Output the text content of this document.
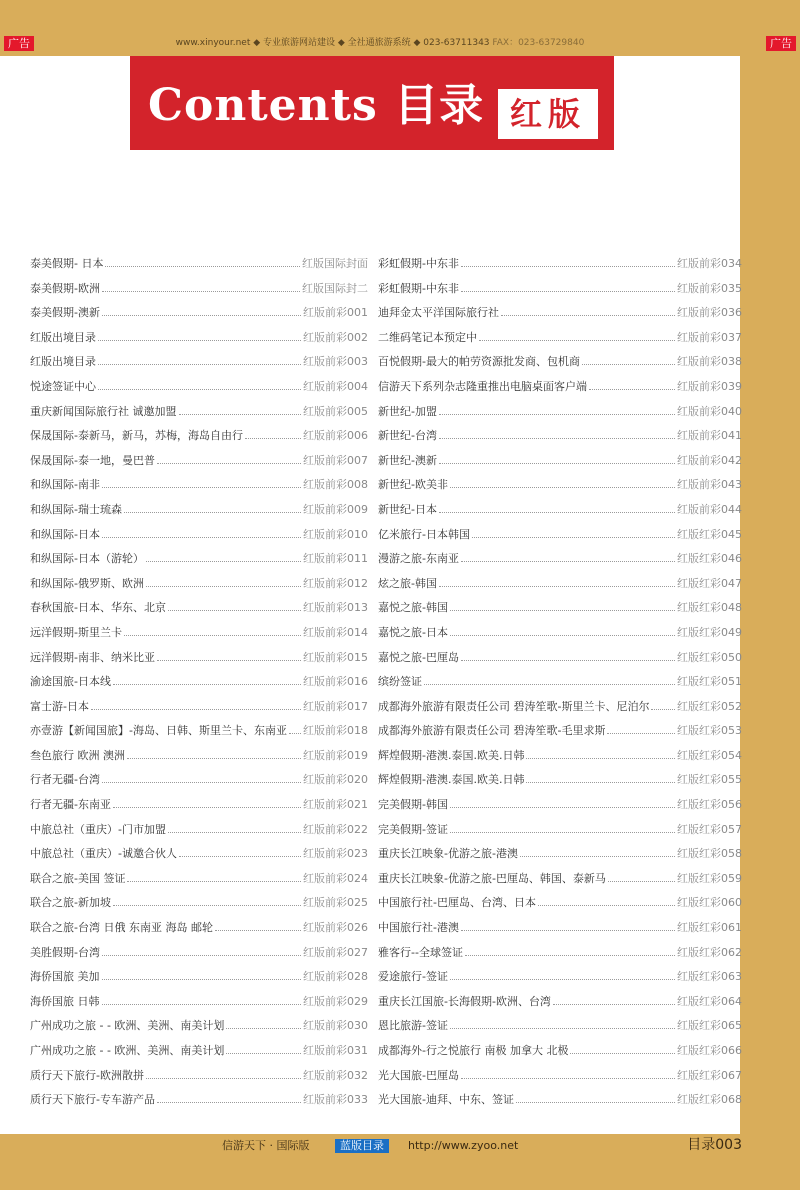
广告	广告
www.xinyour.net ◆ 专业旅游网站建设 ◆ 全社通旅游系统 ◆ 023-63711343 FAX：023-63729840
Contents 目录 红版
泰美假期- 日本	红版国际封面
泰美假期-欧洲	红版国际封二
泰美假期-澳新	红版前彩001
红版出境目录	红版前彩002
红版出境目录	红版前彩003
悦途签证中心	红版前彩004
重庆新闻国际旅行社 诚邀加盟	红版前彩005
保晟国际-泰新马，新马，苏梅，海岛自由行	红版前彩006
保晟国际-泰一地，曼巴普	红版前彩007
和纵国际-南非	红版前彩008
和纵国际-瑞士琉森	红版前彩009
和纵国际-日本	红版前彩010
和纵国际-日本（游轮）	红版前彩011
和纵国际-俄罗斯、欧洲	红版前彩012
春秋国旅-日本、华东、北京	红版前彩013
远洋假期-斯里兰卡	红版前彩014
远洋假期-南非、纳米比亚	红版前彩015
渝途国旅-日本线	红版前彩016
富士游-日本	红版前彩017
亦壹游【新闻国旅】-海岛、日韩、斯里兰卡、东南亚 红版前彩018
叁色旅行 欧洲 澳洲	红版前彩019
行者无疆-台湾	红版前彩020
行者无疆-东南亚	红版前彩021
中旅总社（重庆）-门市加盟	红版前彩022
中旅总社（重庆）-诚邀合伙人	红版前彩023
联合之旅-美国 签证	红版前彩024
联合之旅-新加坡	红版前彩025
联合之旅-台湾 日俄 东南亚 海岛 邮轮	红版前彩026
美胜假期-台湾	红版前彩027
海侨国旅 美加	红版前彩028
海侨国旅 日韩	红版前彩029
广州成功之旅 - - 欧洲、美洲、南美计划	红版前彩030
广州成功之旅 - - 欧洲、美洲、南美计划	红版前彩031
质行天下旅行-欧洲散拼	红版前彩032
质行天下旅行-专车游产品	红版前彩033
彩虹假期-中东非	红版前彩034
彩虹假期-中东非	红版前彩035
迪拜金太平洋国际旅行社	红版前彩036
二维码笔记本预定中	红版前彩037
百悦假期-最大的帕劳资源批发商、包机商	红版前彩038
信游天下系列杂志隆重推出电脑桌面客户端	红版前彩039
新世纪-加盟	红版前彩040
新世纪-台湾	红版前彩041
新世纪-澳新	红版前彩042
新世纪-欧美非	红版前彩043
新世纪-日本	红版前彩044
亿米旅行-日本韩国	红版红彩045
漫游之旅-东南亚	红版红彩046
炫之旅-韩国	红版红彩047
嘉悦之旅-韩国	红版红彩048
嘉悦之旅-日本	红版红彩049
嘉悦之旅-巴厘岛	红版红彩050
缤纷签证	红版红彩051
成都海外旅游有限责任公司 碧涛笙歌-斯里兰卡、尼泊尔	红版红彩052
成都海外旅游有限责任公司 碧涛笙歌-毛里求斯	红版红彩053
辉煌假期-港澳.泰国.欧美.日韩	红版红彩054
辉煌假期-港澳.泰国.欧美.日韩	红版红彩055
完美假期-韩国	红版红彩056
完美假期-签证	红版红彩057
重庆长江映象-优游之旅-港澳	红版红彩058
重庆长江映象-优游之旅-巴厘岛、韩国、泰新马	红版红彩059
中国旅行社-巴厘岛、台湾、日本	红版红彩060
中国旅行社-港澳	红版红彩061
雅客行--全球签证	红版红彩062
爱途旅行-签证	红版红彩063
重庆长江国旅-长海假期-欧洲、台湾	红版红彩064
恩比旅游-签证	红版红彩065
成都海外-行之悦旅行 南极 加拿大 北极	红版红彩066
光大国旅-巴厘岛	红版红彩067
光大国旅-迪拜、中东、签证	红版红彩068
信游天下 · 国际版	蓝版目录	http://www.zyoo.net	目录003
